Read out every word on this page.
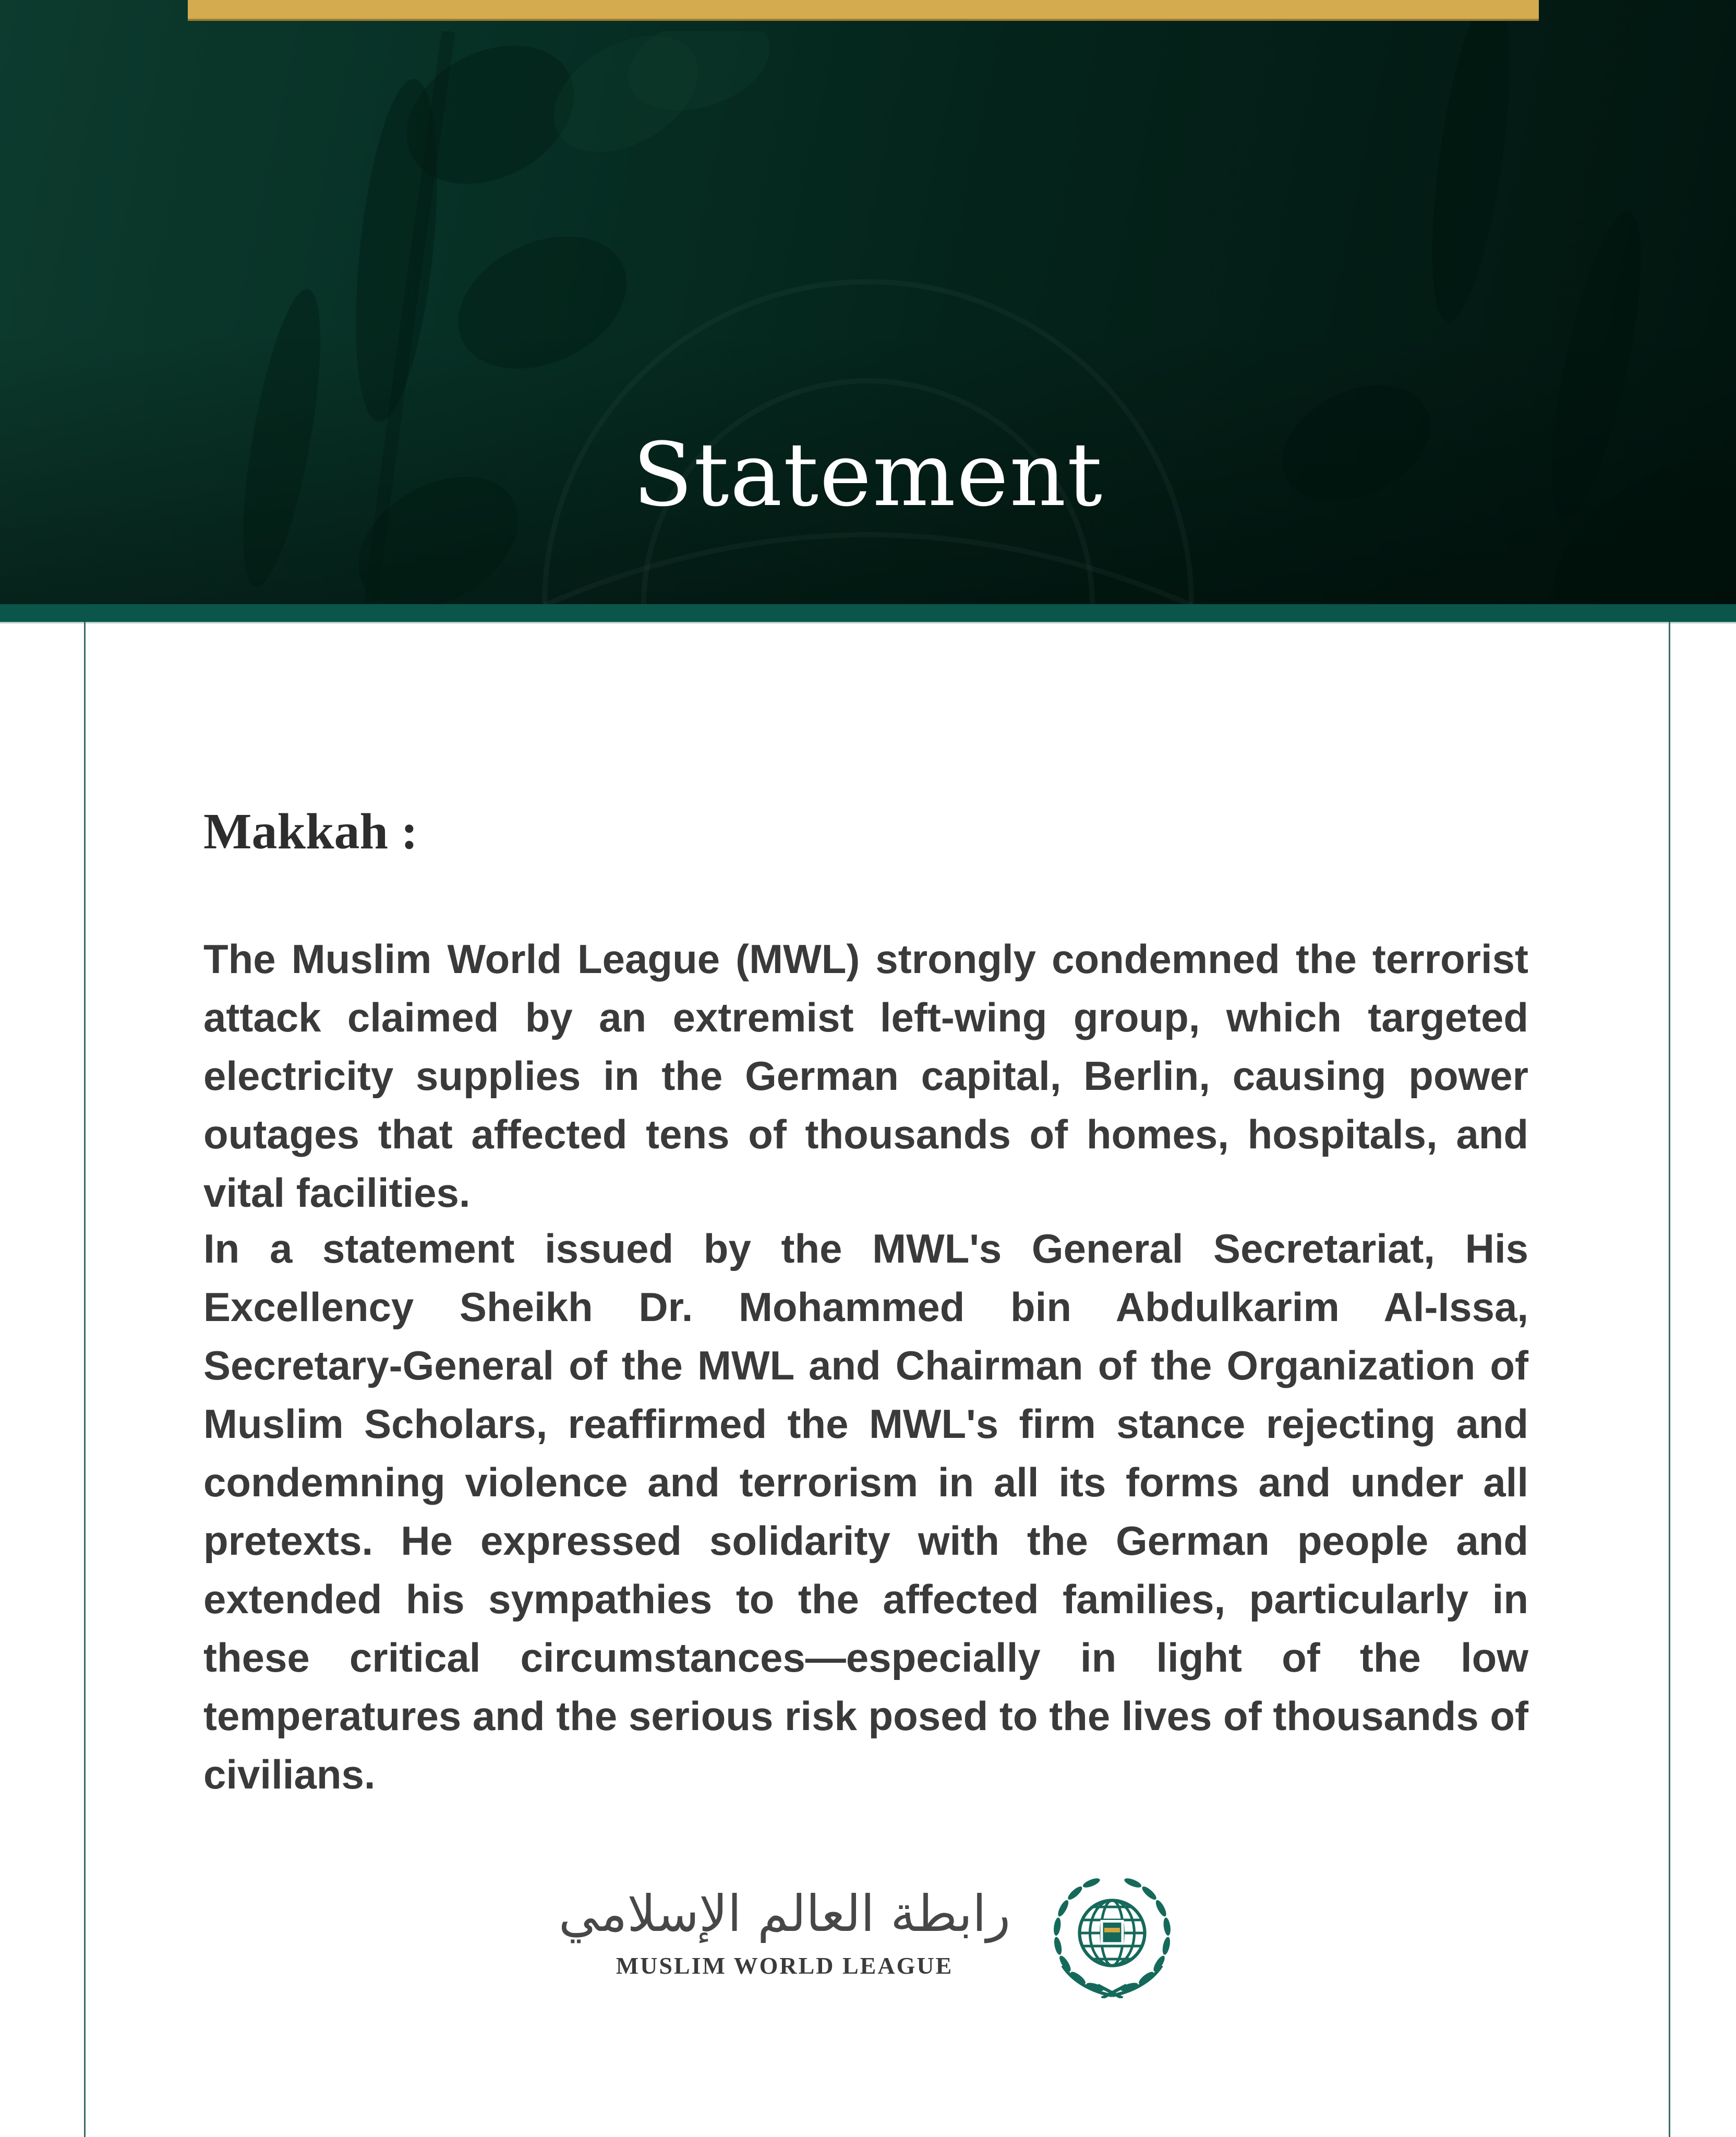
Statement
Makkah :
The Muslim World League (MWL) strongly condemned the terrorist attack claimed by an extremist left-wing group, which targeted electricity supplies in the German capital, Berlin, causing power outages that affected tens of thousands of homes, hospitals, and vital facilities.
In a statement issued by the MWL's General Secretariat, His Excellency Sheikh Dr. Mohammed bin Abdulkarim Al-Issa, Secretary-General of the MWL and Chairman of the Organization of Muslim Scholars, reaffirmed the MWL's firm stance rejecting and condemning violence and terrorism in all its forms and under all pretexts. He expressed solidarity with the German people and extended his sympathies to the affected families, particularly in these critical circumstances—especially in light of the low temperatures and the serious risk posed to the lives of thousands of civilians.
رابطة العالم الإسلامي
MUSLIM WORLD LEAGUE
